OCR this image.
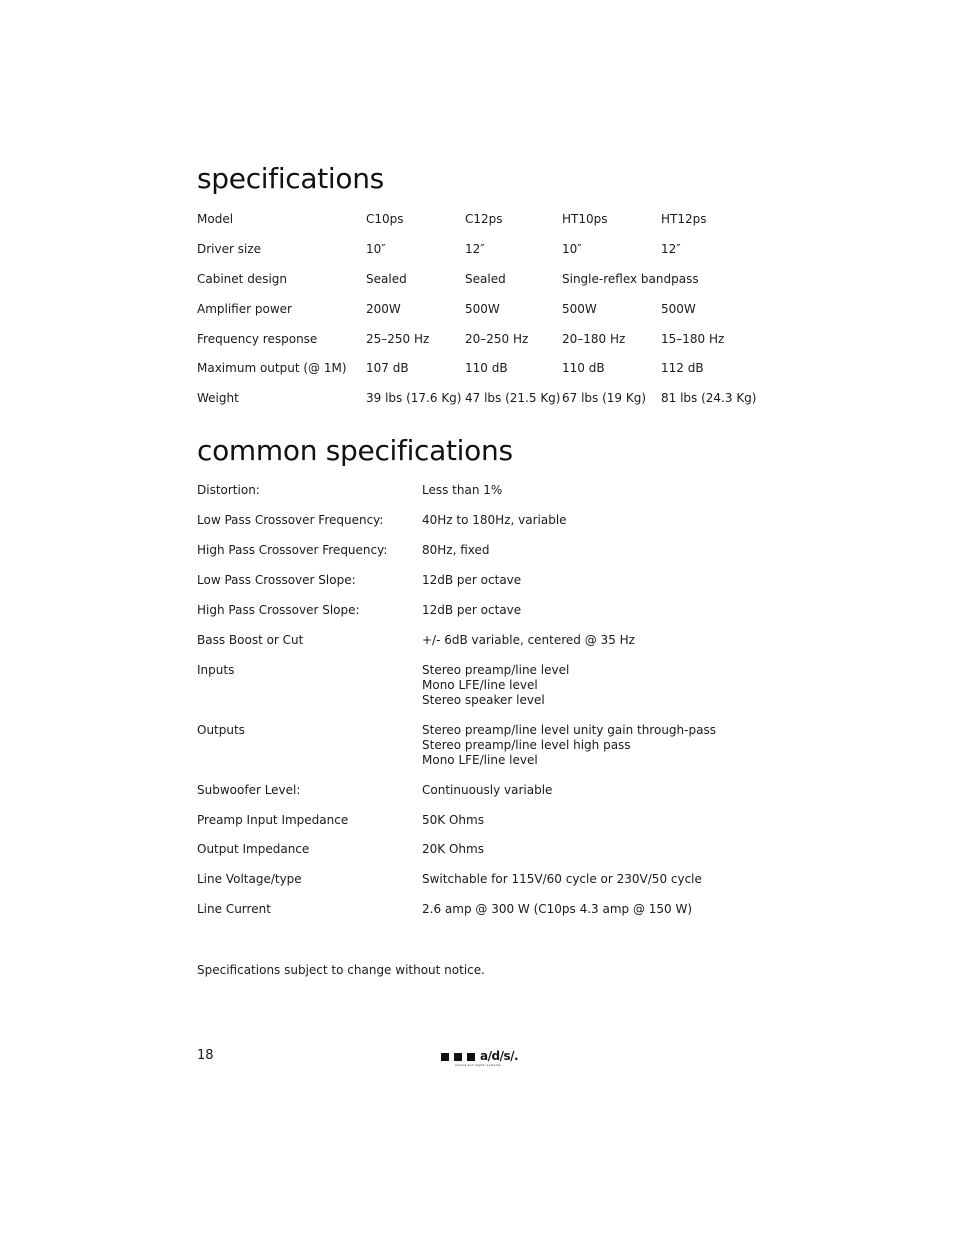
specifications
Model	C10ps	C12ps	HT10ps	HT12ps
Driver size	10″	12″	10″	12″
Cabinet design	Sealed	Sealed	Single-reflex bandpass
Amplifier power	200W	500W	500W	500W
Frequency response	25–250 Hz	20–250 Hz	20–180 Hz	15–180 Hz
Maximum output (@ 1M) 107 dB	110 dB	110 dB	112 dB
Weight	39 lbs (17.6 Kg) 47 lbs (21.5 Kg) 67 lbs (19 Kg) 81 lbs (24.3 Kg)
common specifications
Distortion:	Less than 1%
Low Pass Crossover Frequency:	40Hz to 180Hz, variable
High Pass Crossover Frequency:	80Hz, fixed
Low Pass Crossover Slope:	12dB per octave
High Pass Crossover Slope:	12dB per octave
Bass Boost or Cut	+/- 6dB variable, centered @ 35 Hz
Inputs	Stereo preamp/line level
Mono LFE/line level
Stereo speaker level
Outputs	Stereo preamp/line level unity gain through-pass
Stereo preamp/line level high pass
Mono LFE/line level
Subwoofer Level:	Continuously variable
Preamp Input Impedance	50K Ohms
Output Impedance	20K Ohms
Line Voltage/type	Switchable for 115V/60 cycle or 230V/50 cycle
Line Current	2.6 amp @ 300 W (C10ps 4.3 amp @ 150 W)
Specifications subject to change without notice.
18	a/d/s/.
analog and digital systems
